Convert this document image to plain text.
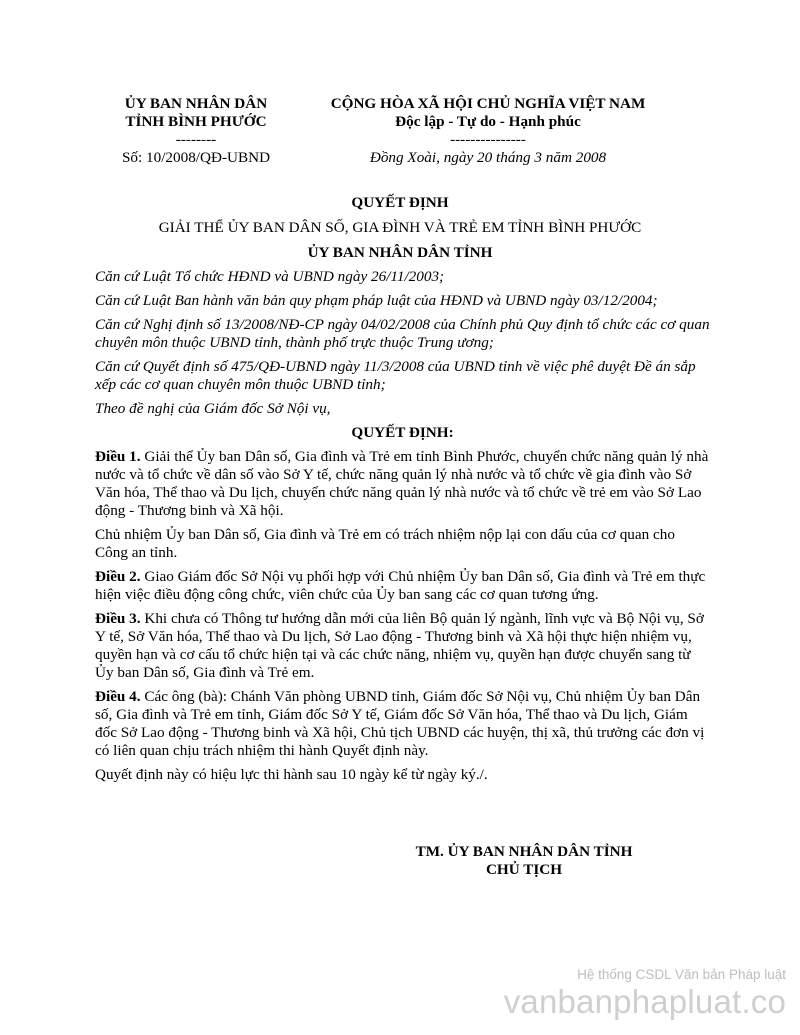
ỦY BAN NHÂN DÂN
TỈNH BÌNH PHƯỚC
--------
Số: 10/2008/QĐ-UBND
CỘNG HÒA XÃ HỘI CHỦ NGHĨA VIỆT NAM
Độc lập - Tự do - Hạnh phúc
---------------
Đồng Xoài, ngày 20 tháng 3 năm 2008
QUYẾT ĐỊNH
GIẢI THỂ ỦY BAN DÂN SỐ, GIA ĐÌNH VÀ TRẺ EM TỈNH BÌNH PHƯỚC
ỦY BAN NHÂN DÂN TỈNH

Căn cứ Luật Tổ chức HĐND và UBND ngày 26/11/2003;

Căn cứ Luật Ban hành văn bản quy phạm pháp luật của HĐND và UBND ngày 03/12/2004;

Căn cứ Nghị định số 13/2008/NĐ-CP ngày 04/02/2008 của Chính phủ Quy định tổ chức các cơ quan chuyên môn thuộc UBND tỉnh, thành phố trực thuộc Trung ương;

Căn cứ Quyết định số 475/QĐ-UBND ngày 11/3/2008 của UBND tỉnh về việc phê duyệt Đề án sắp xếp các cơ quan chuyên môn thuộc UBND tỉnh;

Theo đề nghị của Giám đốc Sở Nội vụ,

QUYẾT ĐỊNH:

Điều 1. Giải thể Ủy ban Dân số, Gia đình và Trẻ em tỉnh Bình Phước, chuyển chức năng quản lý nhà nước và tổ chức về dân số vào Sở Y tế, chức năng quản lý nhà nước và tổ chức về gia đình vào Sở Văn hóa, Thể thao và Du lịch, chuyển chức năng quản lý nhà nước và tổ chức về trẻ em vào Sở Lao động - Thương binh và Xã hội.

Chủ nhiệm Ủy ban Dân số, Gia đình và Trẻ em có trách nhiệm nộp lại con dấu của cơ quan cho Công an tỉnh.

Điều 2. Giao Giám đốc Sở Nội vụ phối hợp với Chủ nhiệm Ủy ban Dân số, Gia đình và Trẻ em thực hiện việc điều động công chức, viên chức của Ủy ban sang các cơ quan tương ứng.

Điều 3. Khi chưa có Thông tư hướng dẫn mới của liên Bộ quản lý ngành, lĩnh vực và Bộ Nội vụ, Sở Y tế, Sở Văn hóa, Thể thao và Du lịch, Sở Lao động - Thương binh và Xã hội thực hiện nhiệm vụ, quyền hạn và cơ cấu tổ chức hiện tại và các chức năng, nhiệm vụ, quyền hạn được chuyển sang từ Ủy ban Dân số, Gia đình và Trẻ em.

Điều 4. Các ông (bà): Chánh Văn phòng UBND tỉnh, Giám đốc Sở Nội vụ, Chủ nhiệm Ủy ban Dân số, Gia đình và Trẻ em tỉnh, Giám đốc Sở Y tế, Giám đốc Sở Văn hóa, Thể thao và Du lịch, Giám đốc Sở Lao động - Thương binh và Xã hội, Chủ tịch UBND các huyện, thị xã, thủ trưởng các đơn vị có liên quan chịu trách nhiệm thi hành Quyết định này.

Quyết định này có hiệu lực thi hành sau 10 ngày kể từ ngày ký./.

TM. ỦY BAN NHÂN DÂN TỈNH
CHỦ TỊCH
Hệ thống CSDL Văn bản Pháp luật
vanbanphapluat.co
